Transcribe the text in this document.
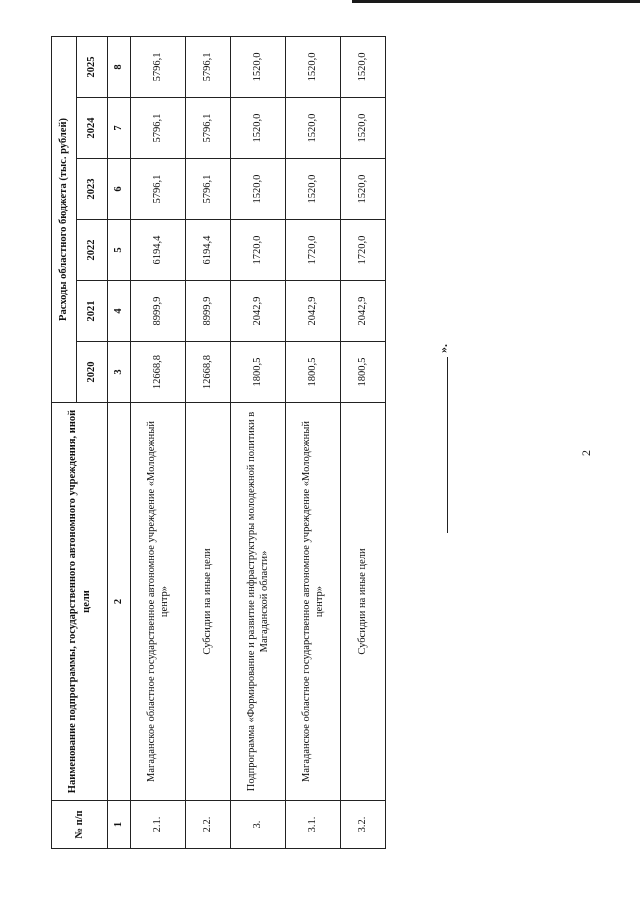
2
№ п/п	Наименование подпрограммы, государственного автономного учреждения, иной цели	Расходы областного бюджета (тыс. рублей)					
		2020	2021	2022	2023	2024	2025
1	2	3	4	5	6	7	8
2.1.	Магаданское областное государственное автономное учреждение «Молодежный центр»	12668,8	8999,9	6194,4	5796,1	5796,1	5796,1
2.2.	Субсидии на иные цели	12668,8	8999,9	6194,4	5796,1	5796,1	5796,1
3.	Подпрограмма «Формирование и развитие инфраструктуры молодежной политики в Магаданской области»	1800,5	2042,9	1720,0	1520,0	1520,0	1520,0
3.1.	Магаданское областное государственное автономное учреждение «Молодежный центр»	1800,5	2042,9	1720,0	1520,0	1520,0	1520,0
3.2.	Субсидии на иные цели	1800,5	2042,9	1720,0	1520,0	1520,0	1520,0
».
